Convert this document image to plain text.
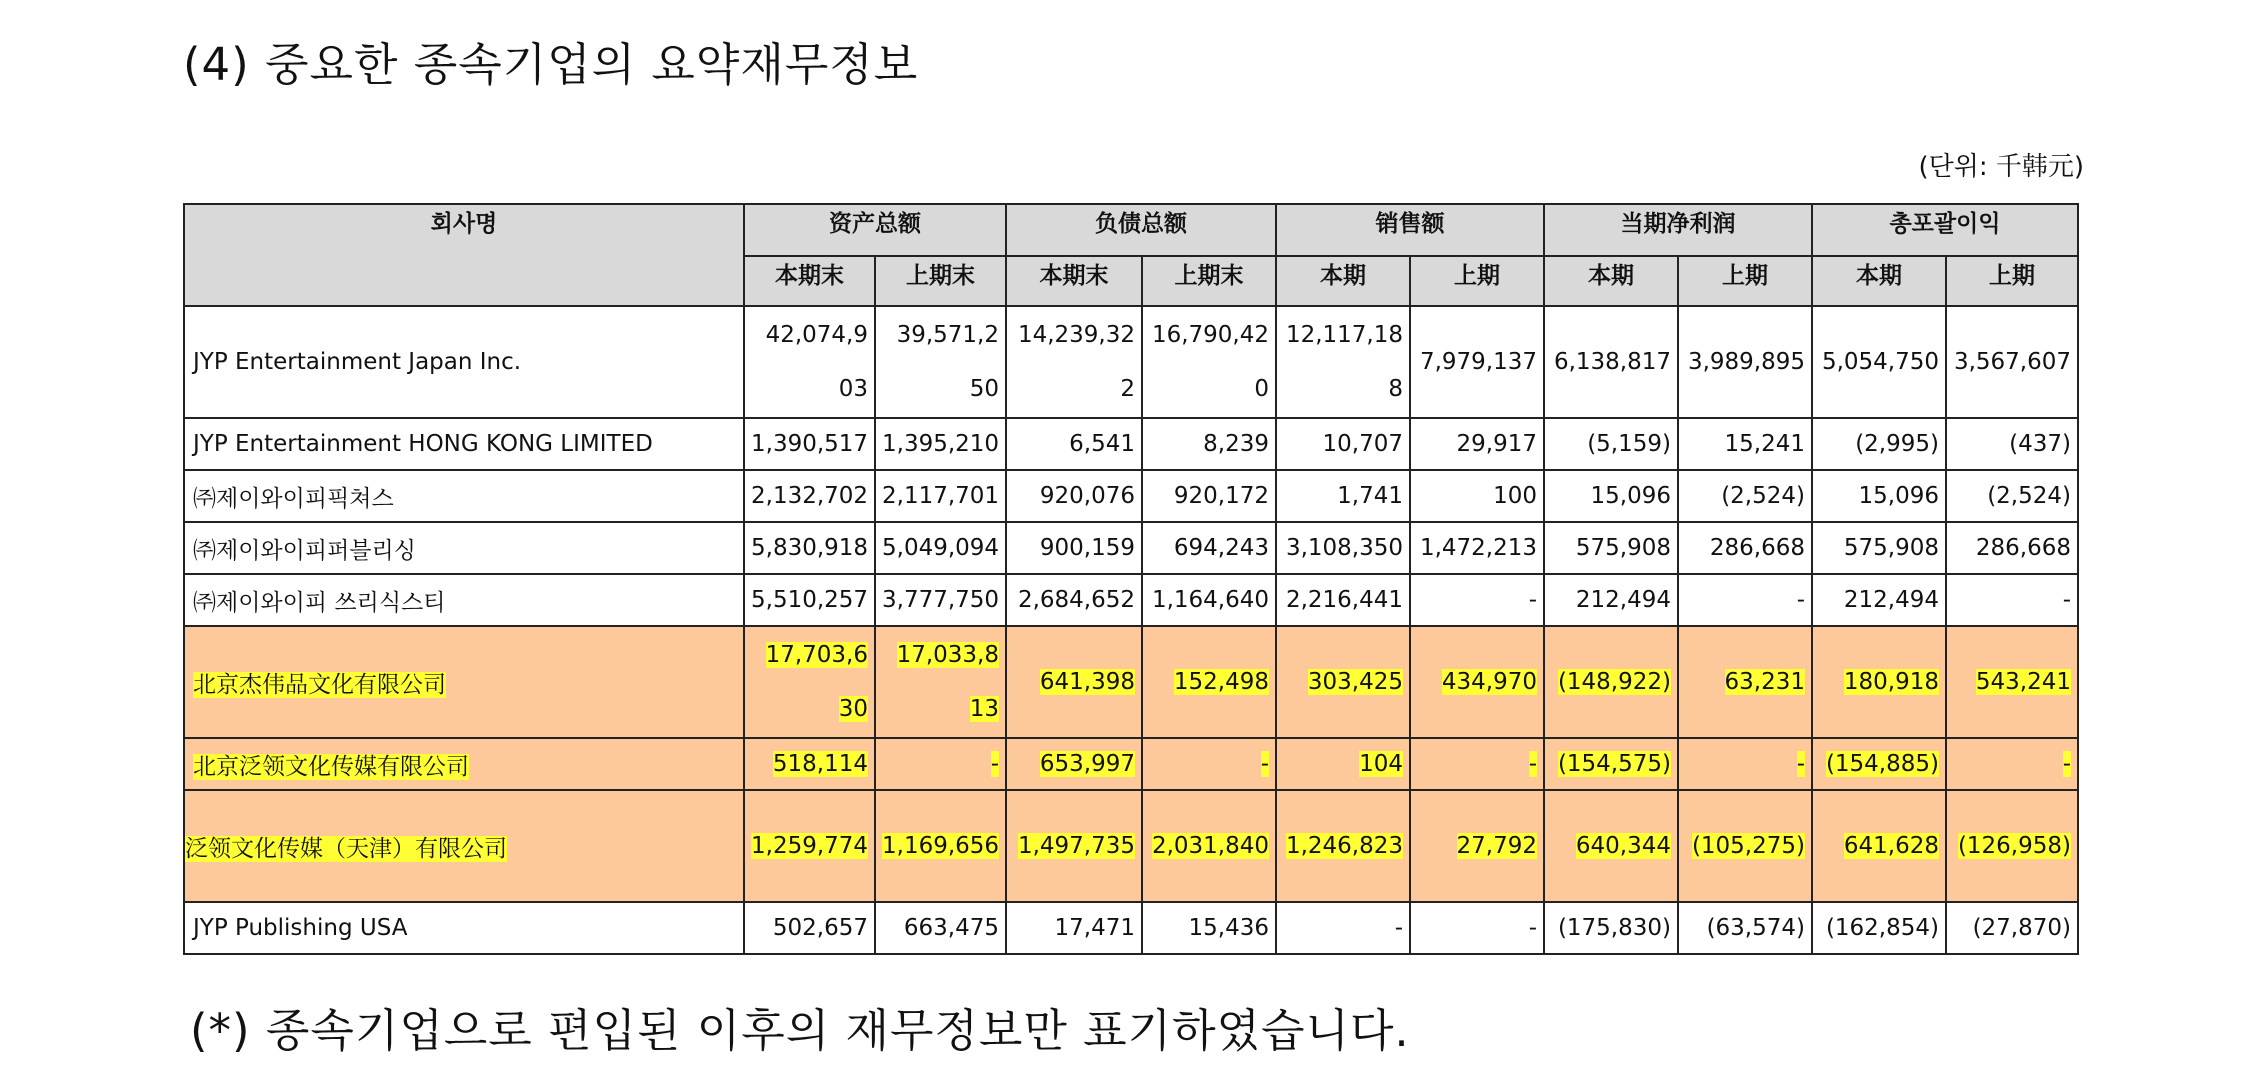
(4) 중요한 종속기업의 요약재무정보
(단위: 千韩元)
회사명	资产总额		负债总额		销售额		当期净利润		총포괄이익	
	本期末	上期末	本期末	上期末	本期	上期	本期	上期	本期	上期
JYP Entertainment Japan Inc.	42,074,903	39,571,250	14,239,322	16,790,420	12,117,188	7,979,137	6,138,817	3,989,895	5,054,750	3,567,607
JYP Entertainment HONG KONG LIMITED	1,390,517	1,395,210	6,541	8,239	10,707	29,917	(5,159)	15,241	(2,995)	(437)
㈜제이와이피픽쳐스	2,132,702	2,117,701	920,076	920,172	1,741	100	15,096	(2,524)	15,096	(2,524)
㈜제이와이피퍼블리싱	5,830,918	5,049,094	900,159	694,243	3,108,350	1,472,213	575,908	286,668	575,908	286,668
㈜제이와이피 쓰리식스티	5,510,257	3,777,750	2,684,652	1,164,640	2,216,441	-	212,494	-	212,494	-
北京杰伟品文化有限公司	17,703,630	17,033,813	641,398	152,498	303,425	434,970	(148,922)	63,231	180,918	543,241
北京泛领文化传媒有限公司	518,114	-	653,997	-	104	-	(154,575)	-	(154,885)	-
泛领文化传媒（天津）有限公司	1,259,774	1,169,656	1,497,735	2,031,840	1,246,823	27,792	640,344	(105,275)	641,628	(126,958)
JYP Publishing USA	502,657	663,475	17,471	15,436	-	-	(175,830)	(63,574)	(162,854)	(27,870)
(*) 종속기업으로 편입된 이후의 재무정보만 표기하였습니다.
